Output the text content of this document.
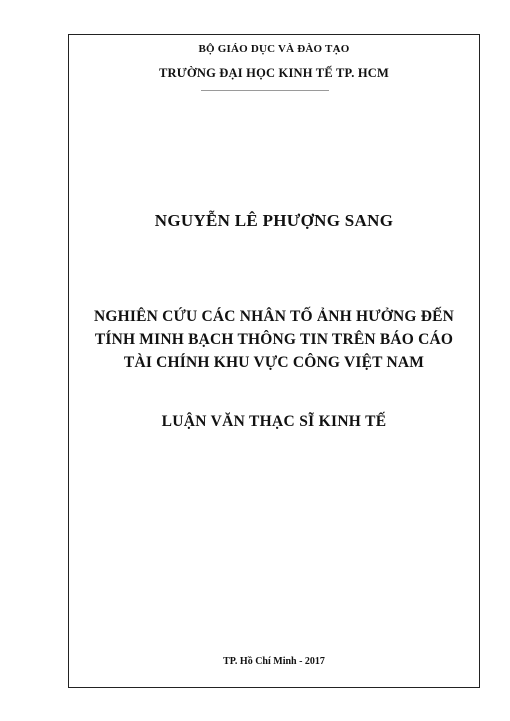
BỘ GIÁO DỤC VÀ ĐÀO TẠO
TRƯỜNG ĐẠI HỌC KINH TẾ TP. HCM
NGUYỄN LÊ PHƯỢNG SANG
NGHIÊN CỨU CÁC NHÂN TỐ ẢNH HƯỞNG ĐẾN
TÍNH MINH BẠCH THÔNG TIN TRÊN BÁO CÁO
TÀI CHÍNH KHU VỰC CÔNG VIỆT NAM
LUẬN VĂN THẠC SĨ KINH TẾ
TP. Hồ Chí Minh - 2017
